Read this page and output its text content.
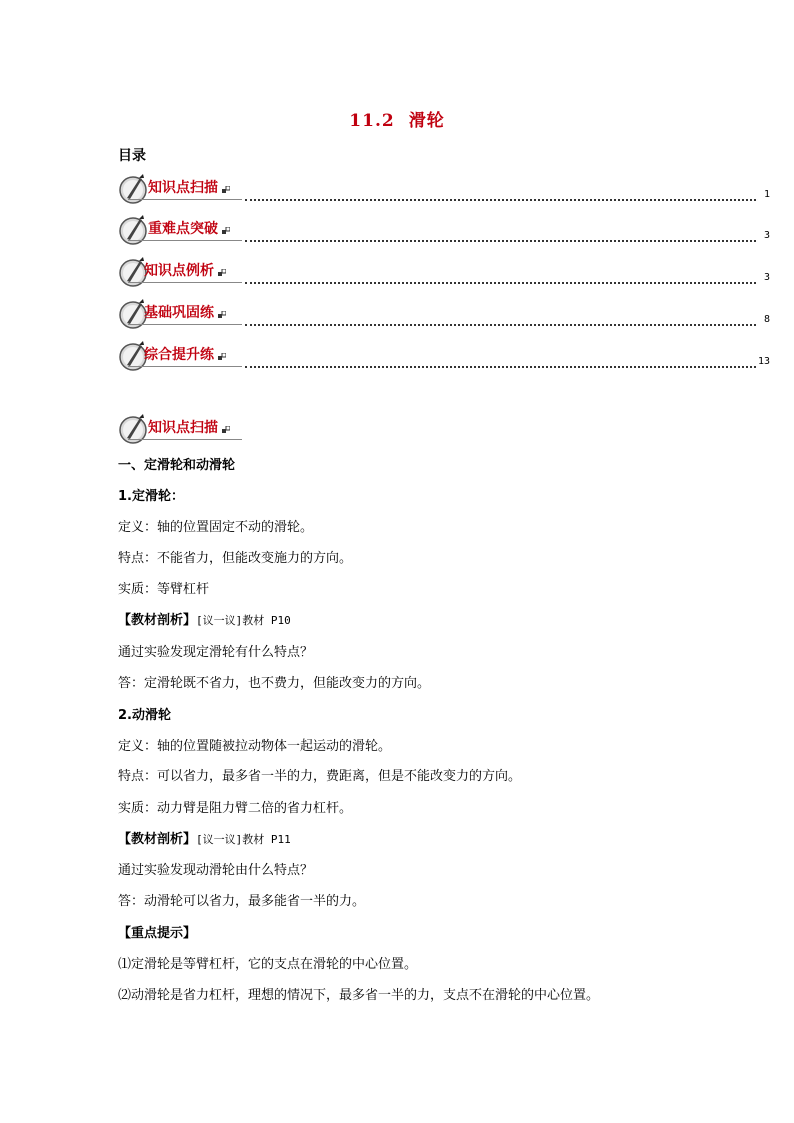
11.2 滑轮
目录
知识点扫描	1
重难点突破	3
知识点例析	3
基础巩固练	8
综合提升练	13
知识点扫描
一、定滑轮和动滑轮
1.定滑轮：
定义：轴的位置固定不动的滑轮。
特点：不能省力，但能改变施力的方向。
实质：等臂杠杆
【教材剖析】[议一议]教材 P10
通过实验发现定滑轮有什么特点？
答：定滑轮既不省力，也不费力，但能改变力的方向。
2.动滑轮
定义：轴的位置随被拉动物体一起运动的滑轮。
特点：可以省力，最多省一半的力，费距离，但是不能改变力的方向。
实质：动力臂是阻力臂二倍的省力杠杆。
【教材剖析】[议一议]教材 P11
通过实验发现动滑轮由什么特点？
答：动滑轮可以省力，最多能省一半的力。
【重点提示】
⑴定滑轮是等臂杠杆，它的支点在滑轮的中心位置。
⑵动滑轮是省力杠杆，理想的情况下，最多省一半的力，支点不在滑轮的中心位置。
